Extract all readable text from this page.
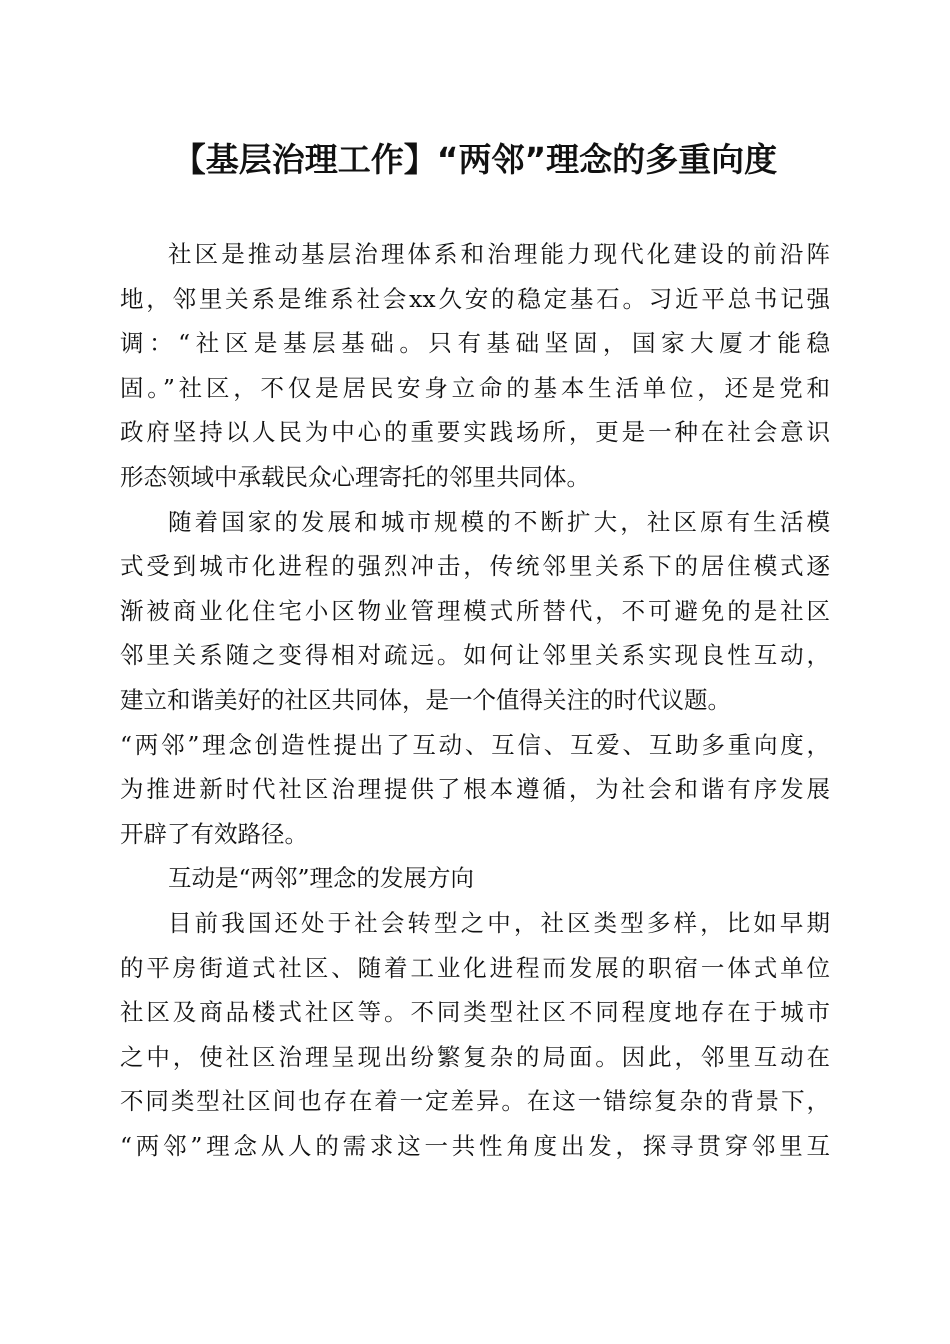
【基层治理工作】“两邻”理念的多重向度
社区是推动基层治理体系和治理能力现代化建设的前沿阵
地，邻里关系是维系社会xx久安的稳定基石。习近平总书记强
调：“社区是基层基础。只有基础坚固，国家大厦才能稳
固。”社区，不仅是居民安身立命的基本生活单位，还是党和
政府坚持以人民为中心的重要实践场所，更是一种在社会意识
形态领域中承载民众心理寄托的邻里共同体。
随着国家的发展和城市规模的不断扩大，社区原有生活模
式受到城市化进程的强烈冲击，传统邻里关系下的居住模式逐
渐被商业化住宅小区物业管理模式所替代，不可避免的是社区
邻里关系随之变得相对疏远。如何让邻里关系实现良性互动，
建立和谐美好的社区共同体，是一个值得关注的时代议题。
“两邻”理念创造性提出了互动、互信、互爱、互助多重向度，
为推进新时代社区治理提供了根本遵循，为社会和谐有序发展
开辟了有效路径。
互动是“两邻”理念的发展方向
目前我国还处于社会转型之中，社区类型多样，比如早期
的平房街道式社区、随着工业化进程而发展的职宿一体式单位
社区及商品楼式社区等。不同类型社区不同程度地存在于城市
之中，使社区治理呈现出纷繁复杂的局面。因此，邻里互动在
不同类型社区间也存在着一定差异。在这一错综复杂的背景下，
“两邻”理念从人的需求这一共性角度出发，探寻贯穿邻里互
